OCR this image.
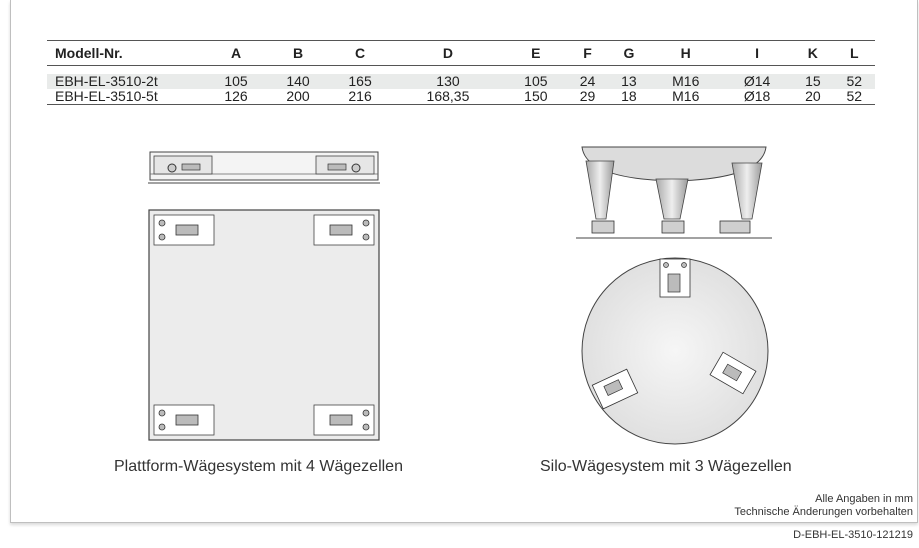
Modell-Nr.	A	B	C	D	E	F	G	H	I	K	L

EBH-EL-3510-2t	105	140	165	130	105	24	13	M16	Ø14	15	52
EBH-EL-3510-5t	126	200	216	168,35	150	29	18	M16	Ø18	20	52
Plattform-Wägesystem mit 4 Wägezellen	Silo-Wägesystem mit 3 Wägezellen
Alle Angaben in mm
Technische Änderungen vorbehalten
D-EBH-EL-3510-121219
